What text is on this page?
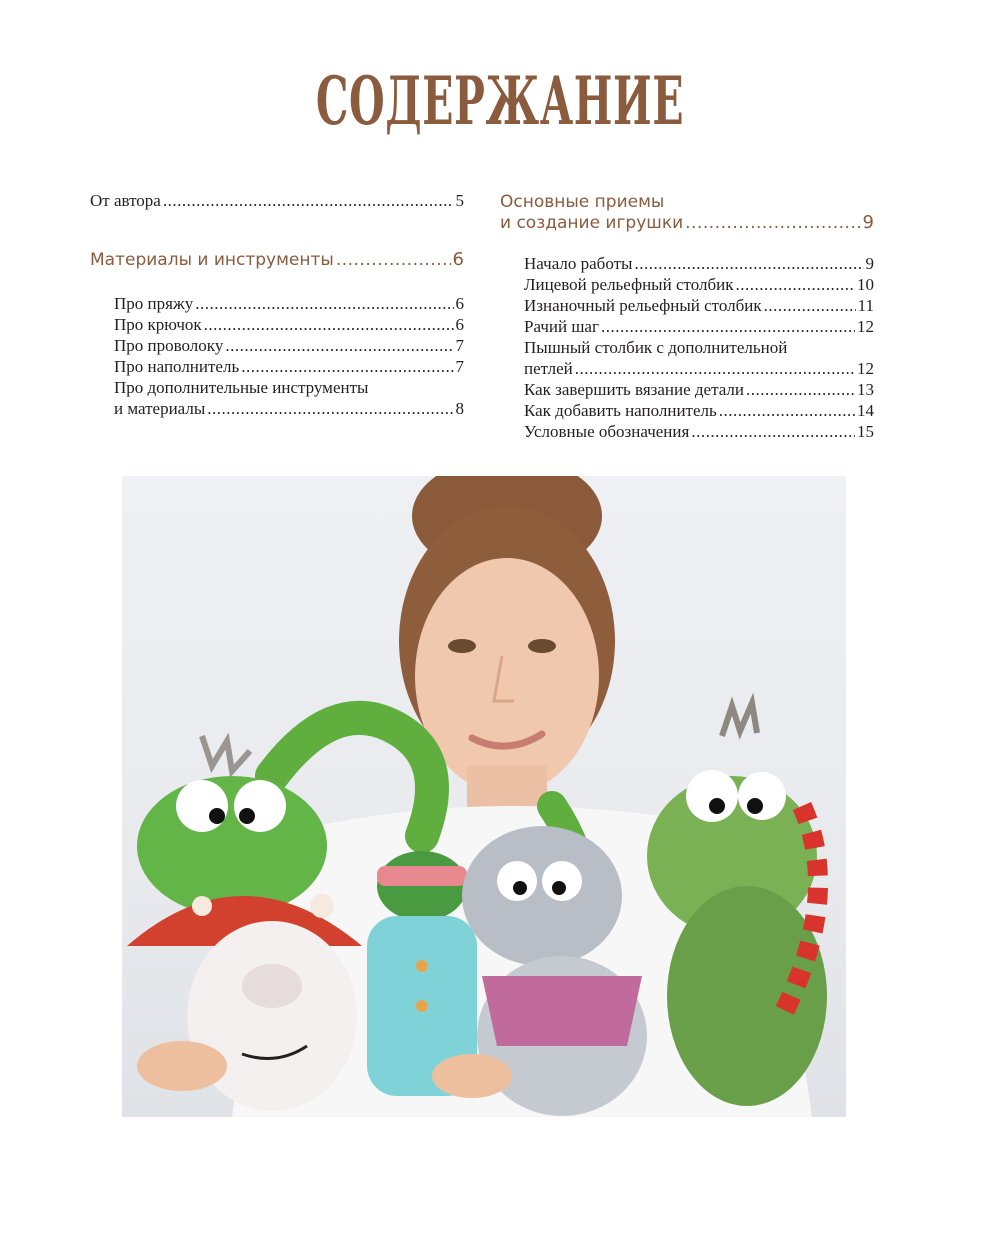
СОДЕРЖАНИЕ
От автора .....	5
Материалы и инструменты .....	6
Про пряжу .....	6
Про крючок .....	6
Про проволоку .....	7
Про наполнитель .....	7
Про дополнительные инструменты
и материалы .....	8
Основные приемы
и создание игрушки .....	9
Начало работы .....	9
Лицевой рельефный столбик .....	10
Изнаночный рельефный столбик .....	11
Рачий шаг .....	12
Пышный столбик с дополнительной
петлей .....	12
Как завершить вязание детали .....	13
Как добавить наполнитель .....	14
Условные обозначения .....	15
